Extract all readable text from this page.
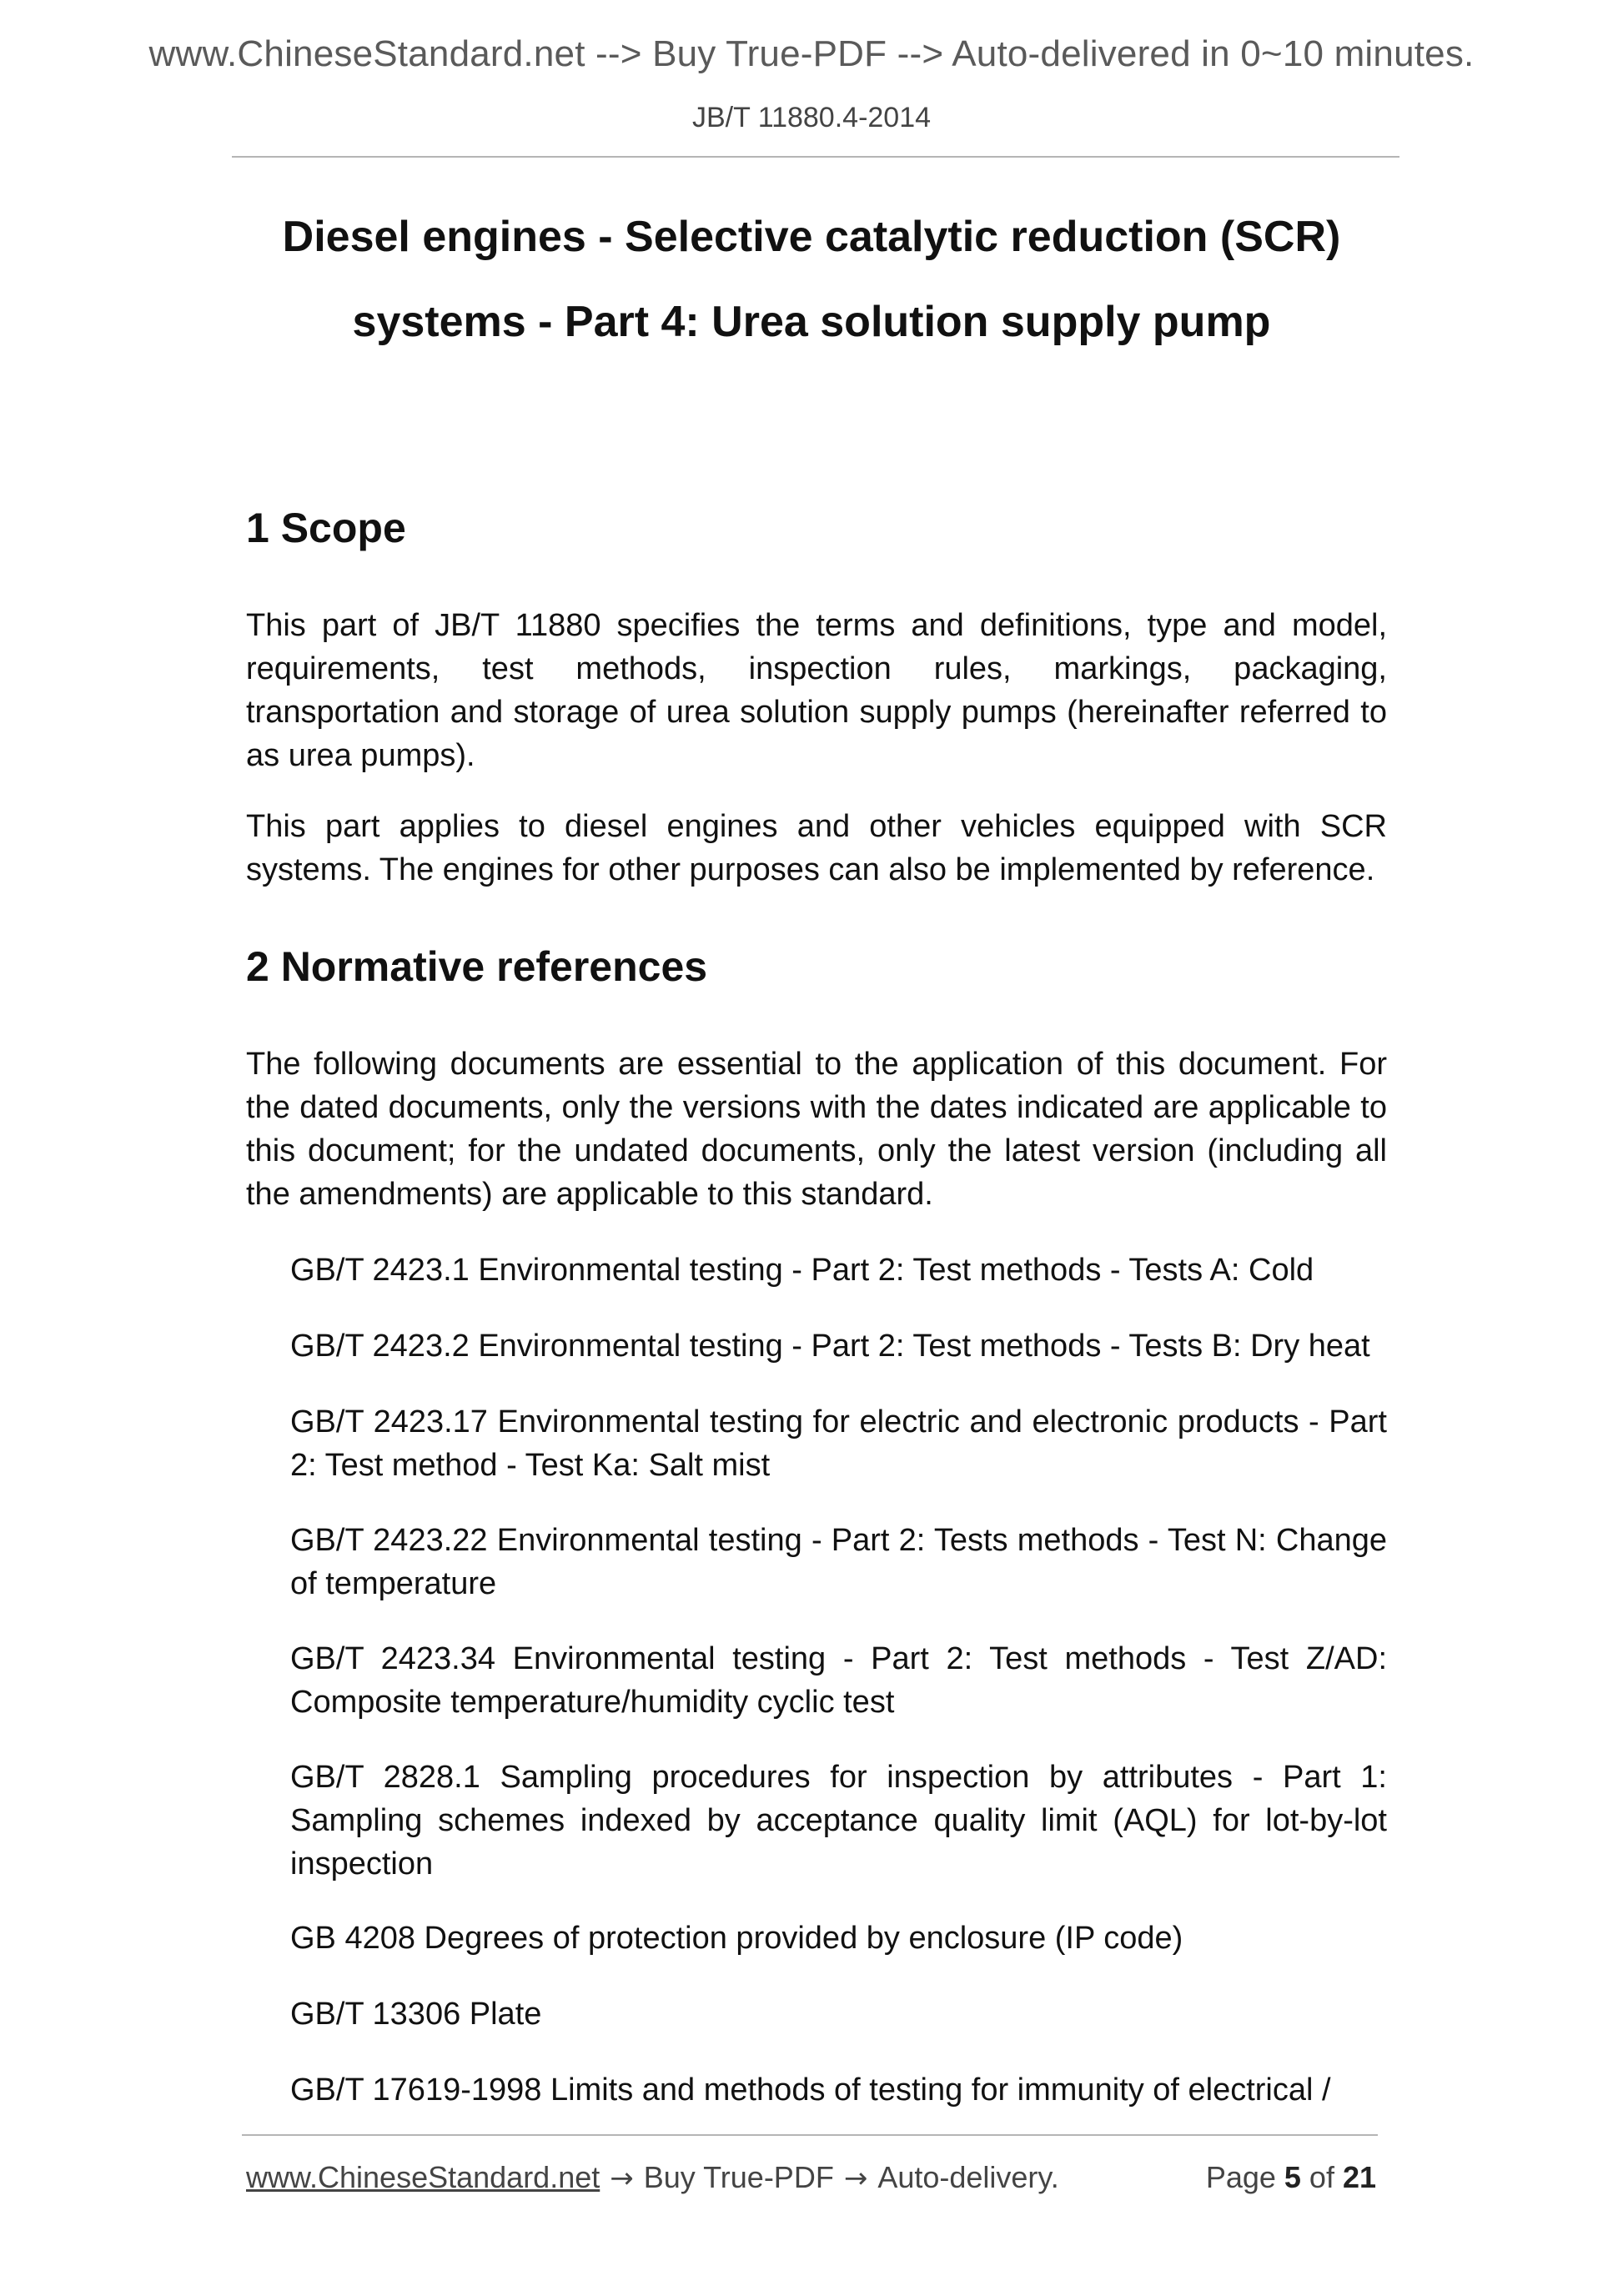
www.ChineseStandard.net --> Buy True-PDF --> Auto-delivered in 0~10 minutes.
JB/T 11880.4-2014
Diesel engines - Selective catalytic reduction (SCR)
systems - Part 4: Urea solution supply pump
1 Scope
This part of JB/T 11880 specifies the terms and definitions, type and model, requirements, test methods, inspection rules, markings, packaging, transportation and storage of urea solution supply pumps (hereinafter referred to as urea pumps).
This part applies to diesel engines and other vehicles equipped with SCR systems. The engines for other purposes can also be implemented by reference.
2 Normative references
The following documents are essential to the application of this document. For the dated documents, only the versions with the dates indicated are applicable to this document; for the undated documents, only the latest version (including all the amendments) are applicable to this standard.
GB/T 2423.1 Environmental testing - Part 2: Test methods - Tests A: Cold
GB/T 2423.2 Environmental testing - Part 2: Test methods - Tests B: Dry heat
GB/T 2423.17 Environmental testing for electric and electronic products - Part 2: Test method - Test Ka: Salt mist
GB/T 2423.22 Environmental testing - Part 2: Tests methods - Test N: Change of temperature
GB/T 2423.34 Environmental testing - Part 2: Test methods - Test Z/AD: Composite temperature/humidity cyclic test
GB/T 2828.1 Sampling procedures for inspection by attributes - Part 1: Sampling schemes indexed by acceptance quality limit (AQL) for lot-by-lot inspection
GB 4208 Degrees of protection provided by enclosure (IP code)
GB/T 13306 Plate
GB/T 17619-1998 Limits and methods of testing for immunity of electrical /
www.ChineseStandard.net → Buy True-PDF → Auto-delivery.	Page 5 of 21
